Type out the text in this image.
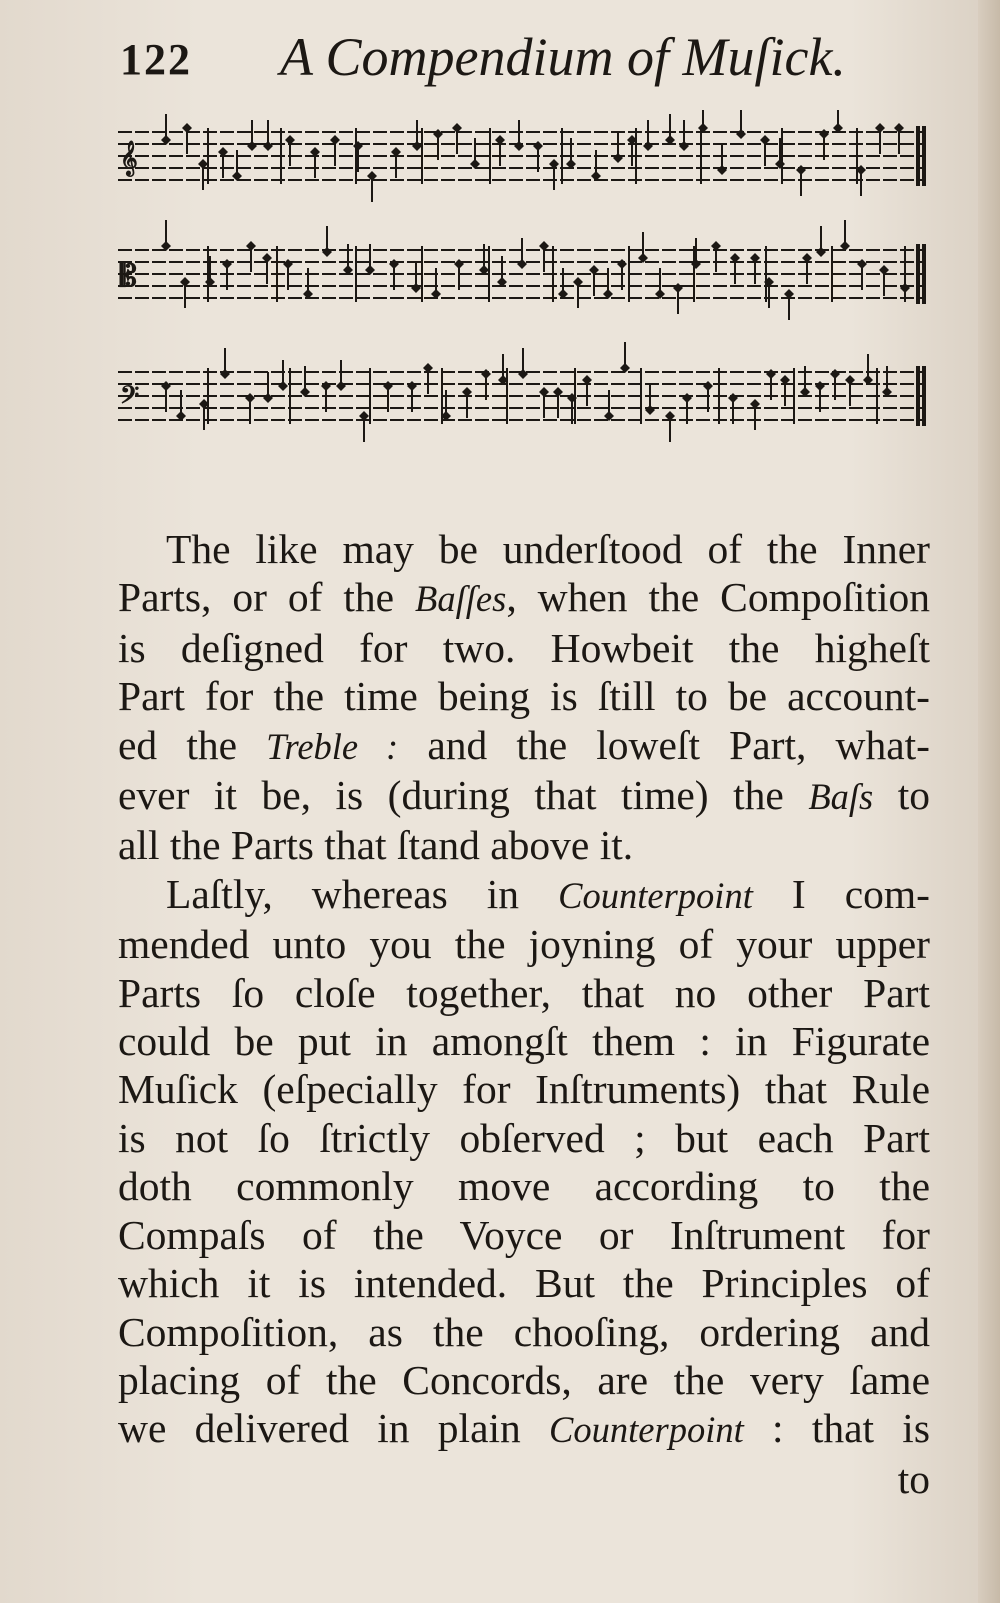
122 A Compendium of Muſick.
𝄞
𝄡
𝄢

The like may be underſtood of the Inner

Parts, or of the Baſſes, when the Compoſition

is deſigned for two. Howbeit the higheſt

Part for the time being is ſtill to be account-

ed the Treble : and the loweſt Part, what-

ever it be, is (during that time) the Baſs to

all the Parts that ſtand above it.

Laſtly, whereas in Counterpoint I com-

mended unto you the joyning of your upper

Parts ſo cloſe together, that no other Part

could be put in amongſt them : in Figurate

Muſick (eſpecially for Inſtruments) that Rule

is not ſo ſtrictly obſerved ; but each Part

doth commonly move according to the

Compaſs of the Voyce or Inſtrument for

which it is intended. But the Principles of

Compoſition, as the chooſing, ordering and

placing of the Concords, are the very ſame

we delivered in plain Counterpoint : that is

to
